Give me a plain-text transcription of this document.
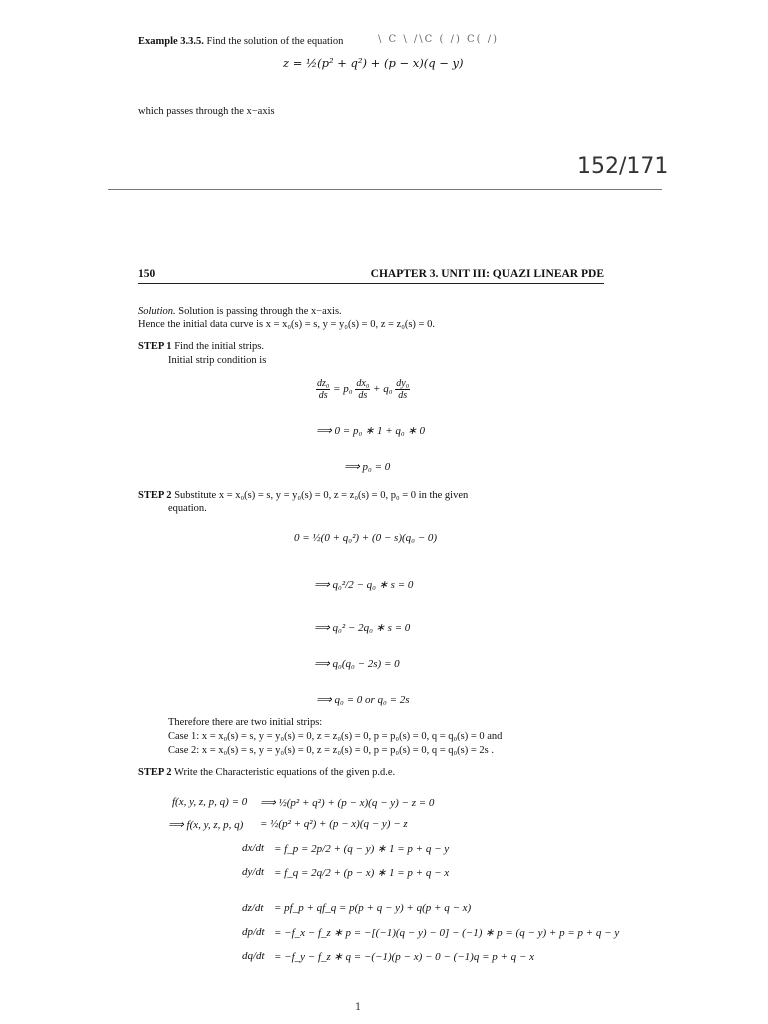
\ C \ /\C ( /) C( /)
Example 3.3.5. Find the solution of the equation
z = ½(p² + q²) + (p − x)(q − y)
which passes through the x−axis
152/171
150	CHAPTER 3. UNIT III: QUAZI LINEAR PDE
Solution. Solution is passing through the x−axis.
Hence the initial data curve is x = x₀(s) = s, y = y₀(s) = 0, z = z₀(s) = 0.
STEP 1 Find the initial strips.
Initial strip condition is
$\frac{\text{dz₀}}{ds} = p_0 \frac{\text{dx₀}}{ds} + q_0 \frac{\text{dy₀}}{ds}$
⟹ 0 = p₀ ∗ 1 + q₀ ∗ 0
⟹ p₀ = 0
STEP 2 Substitute x = x₀(s) = s, y = y₀(s) = 0, z = z₀(s) = 0, p₀ = 0 in the given
equation.
0 = ½(0 + q₀²) + (0 − s)(q₀ − 0)
⟹ q₀²/2 − q₀ ∗ s = 0
⟹ q₀² − 2q₀ ∗ s = 0
⟹ q₀(q₀ − 2s) = 0
⟹ q₀ = 0 or q₀ = 2s
Therefore there are two initial strips:
Case 1: x = x₀(s) = s, y = y₀(s) = 0, z = z₀(s) = 0, p = p₀(s) = 0, q = q₀(s) = 0 and
Case 2: x = x₀(s) = s, y = y₀(s) = 0, z = z₀(s) = 0, p = p₀(s) = 0, q = q₀(s) = 2s .
STEP 2 Write the Characteristic equations of the given p.d.e.
f(x, y, z, p, q) = 0 ⟹ ½(p² + q²) + (p − x)(q − y) − z = 0
⟹ f(x, y, z, p, q) = ½(p² + q²) + (p − x)(q − y) − z
dx/dt = f_p = 2p/2 + (q − y) ∗ 1 = p + q − y
dy/dt = f_q = 2q/2 + (p − x) ∗ 1 = p + q − x
dz/dt = pf_p + qf_q = p(p + q − y) + q(p + q − x)
dp/dt = −f_x − f_z ∗ p = −[(−1)(q − y) − 0] − (−1) ∗ p = (q − y) + p = p + q − y
dq/dt = −f_y − f_z ∗ q = −(−1)(p − x) − 0 − (−1)q = p + q − x
1
